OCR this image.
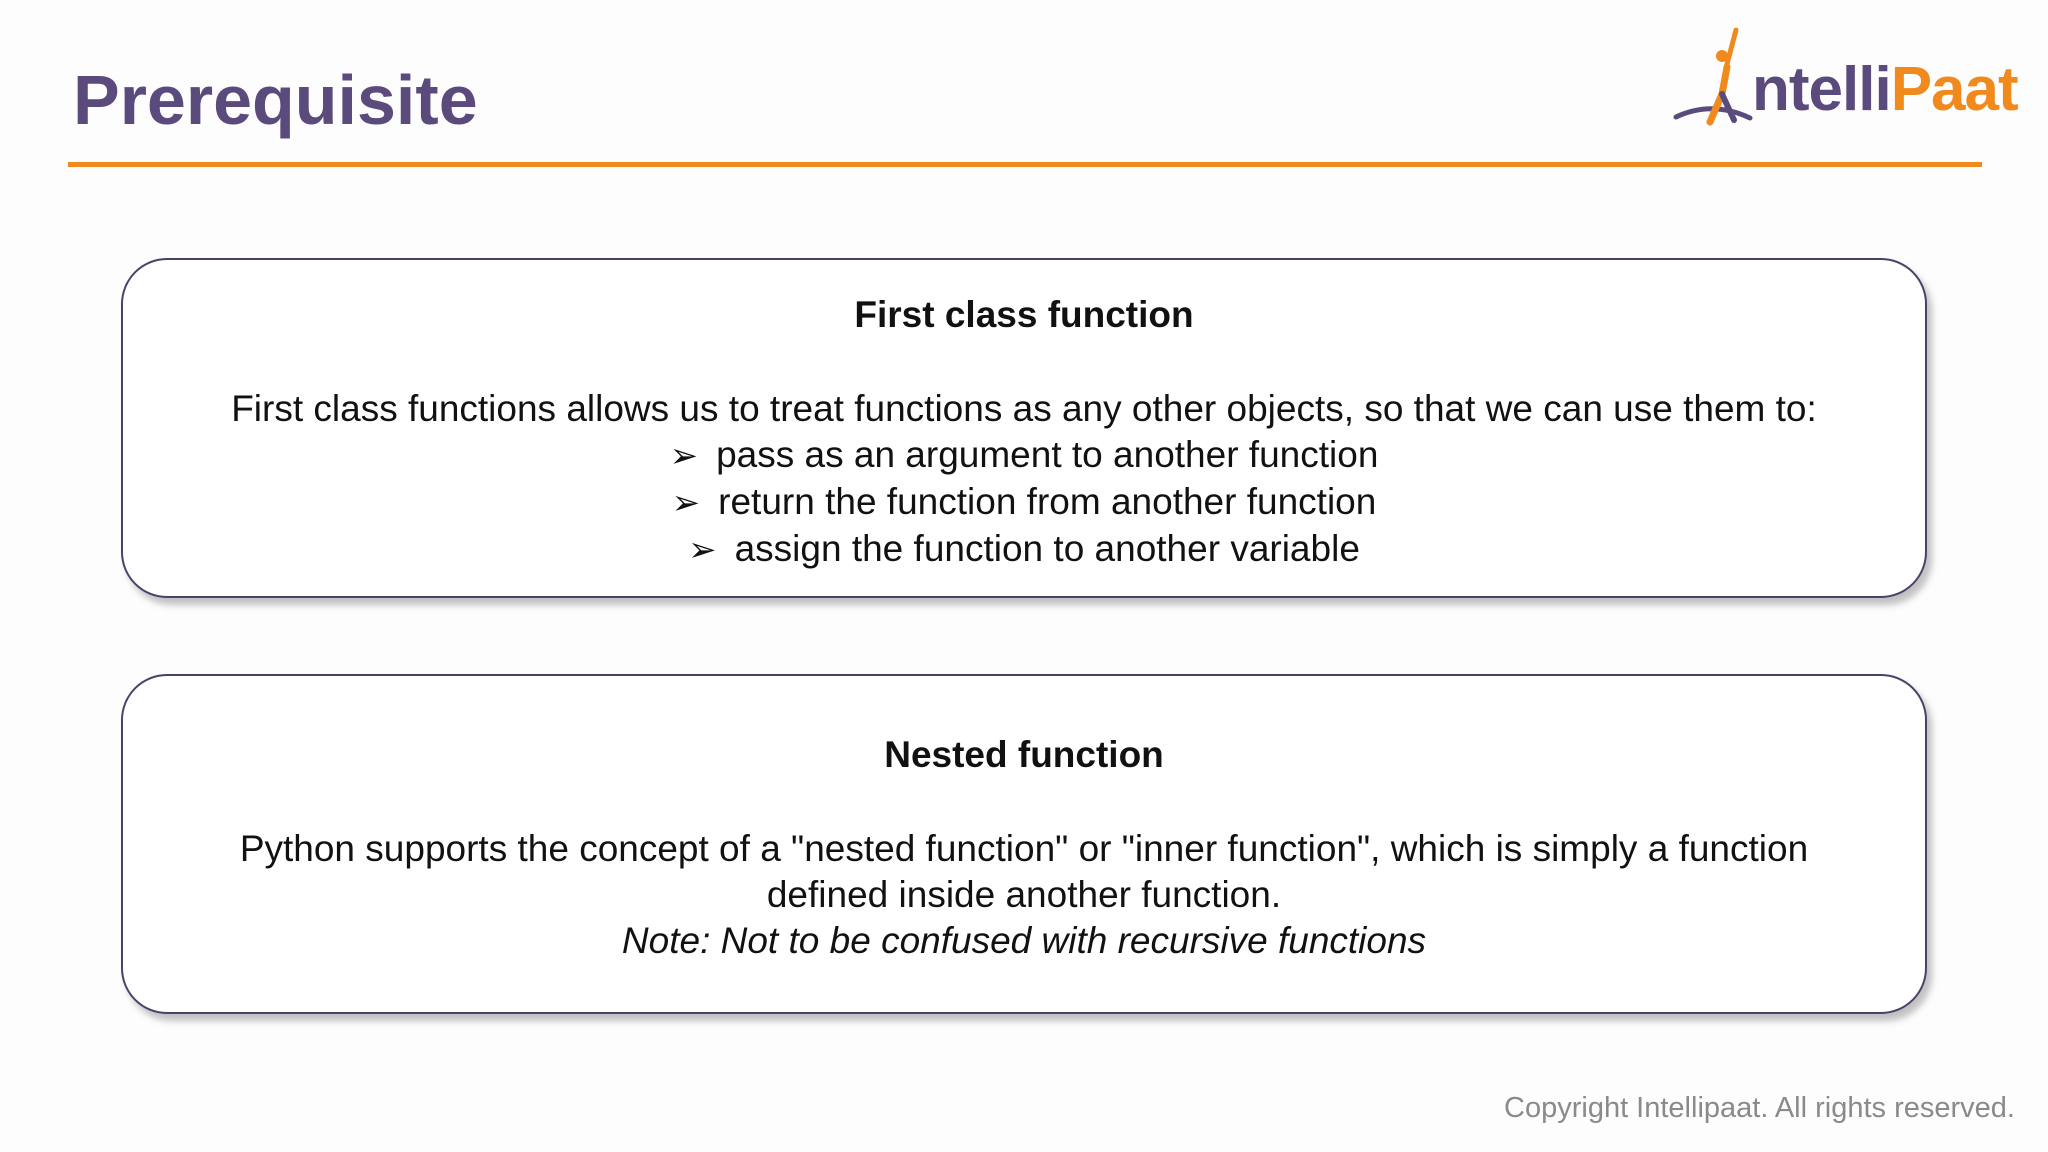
Prerequisite	ntelliPaat
First class function
First class functions allows us to treat functions as any other objects, so that we can use them to:
➢ pass as an argument to another function
➢ return the function from another function
➢ assign the function to another variable
Nested function
Python supports the concept of a "nested function" or "inner function", which is simply a function
defined inside another function.
Note: Not to be confused with recursive functions
Copyright Intellipaat. All rights reserved.
